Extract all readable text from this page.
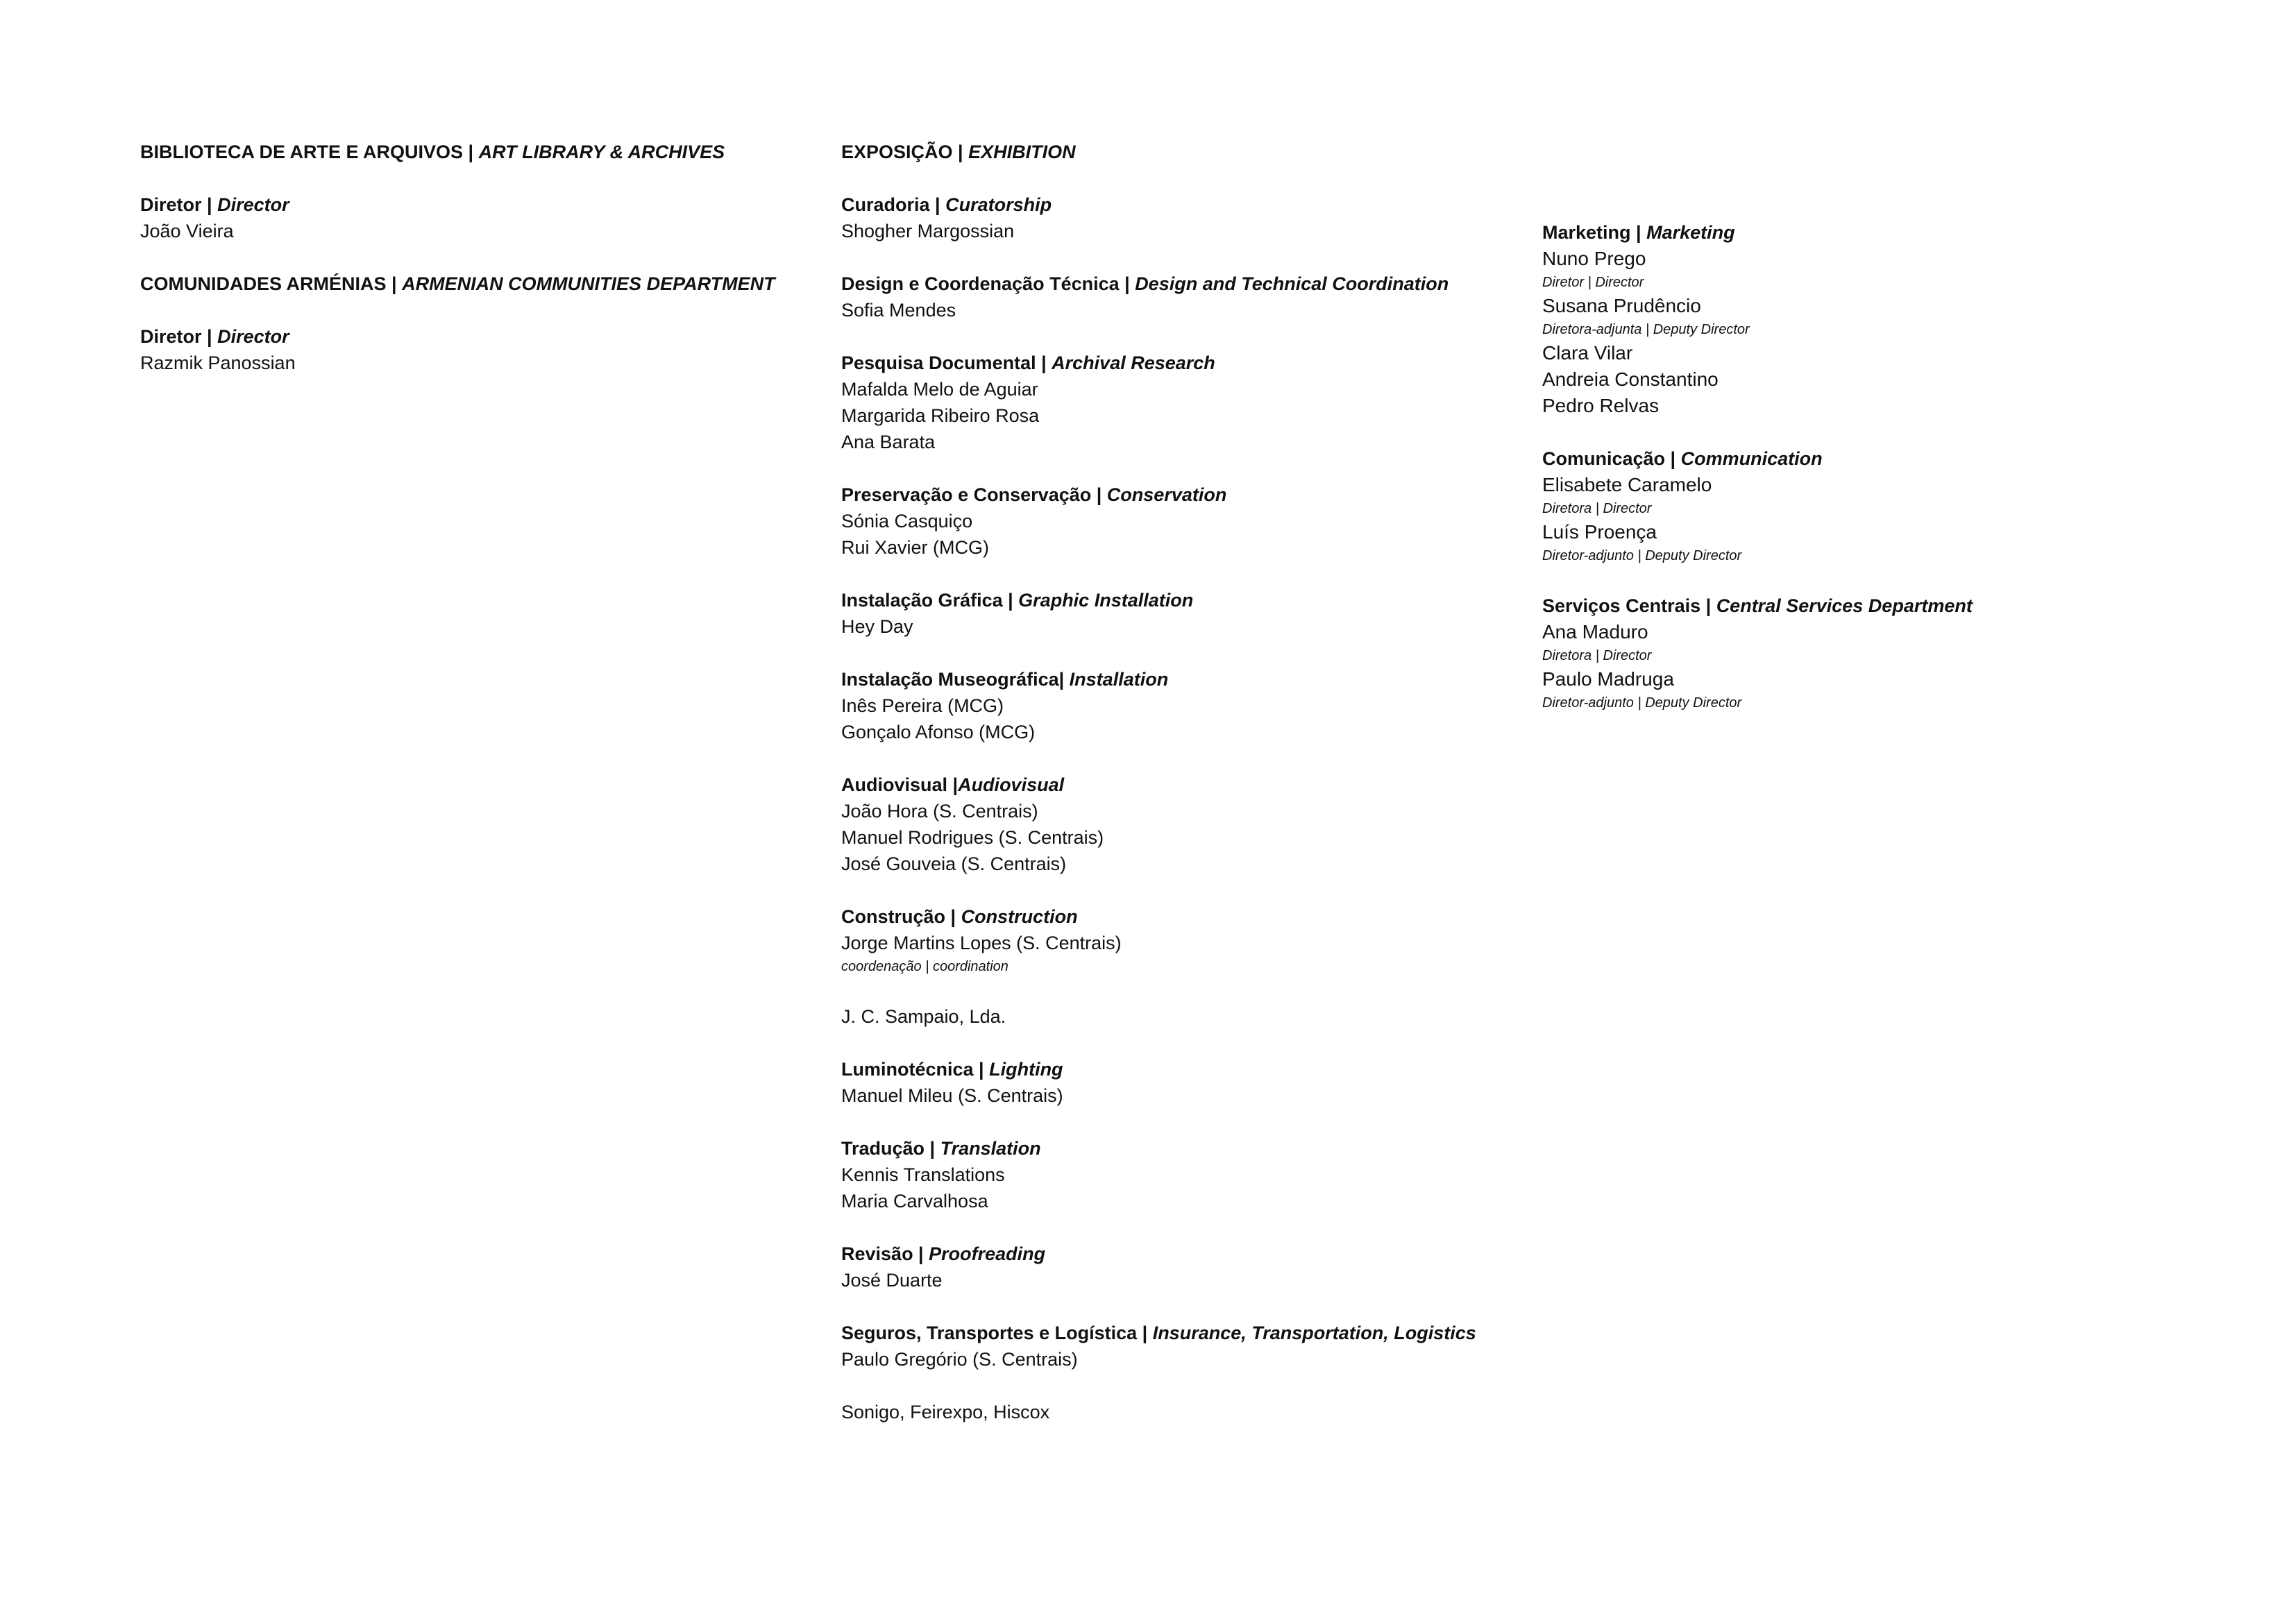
BIBLIOTECA DE ARTE E ARQUIVOS | ART LIBRARY & ARCHIVES
Diretor | Director
João Vieira
COMUNIDADES ARMÉNIAS | ARMENIAN COMMUNITIES DEPARTMENT
Diretor | Director
Razmik Panossian
EXPOSIÇÃO | EXHIBITION
Curadoria | Curatorship
Shogher Margossian
Design e Coordenação Técnica | Design and Technical Coordination
Sofia Mendes
Pesquisa Documental | Archival Research
Mafalda Melo de Aguiar
Margarida Ribeiro Rosa
Ana Barata
Preservação e Conservação | Conservation
Sónia Casquiço
Rui Xavier (MCG)
Instalação Gráfica | Graphic Installation
Hey Day
Instalação Museográfica| Installation
Inês Pereira (MCG)
Gonçalo Afonso (MCG)
Audiovisual |Audiovisual
João Hora (S. Centrais)
Manuel Rodrigues (S. Centrais)
José Gouveia (S. Centrais)
Construção | Construction
Jorge Martins Lopes (S. Centrais)
coordenação | coordination
J. C. Sampaio, Lda.
Luminotécnica | Lighting
Manuel Mileu (S. Centrais)
Tradução | Translation
Kennis Translations
Maria Carvalhosa
Revisão | Proofreading
José Duarte
Seguros, Transportes e Logística | Insurance, Transportation, Logistics
Paulo Gregório (S. Centrais)
Sonigo, Feirexpo, Hiscox
Marketing | Marketing
Nuno Prego
Diretor | Director
Susana Prudêncio
Diretora-adjunta | Deputy Director
Clara Vilar
Andreia Constantino
Pedro Relvas
Comunicação | Communication
Elisabete Caramelo
Diretora | Director
Luís Proença
Diretor-adjunto | Deputy Director
Serviços Centrais | Central Services Department
Ana Maduro
Diretora | Director
Paulo Madruga
Diretor-adjunto | Deputy Director
